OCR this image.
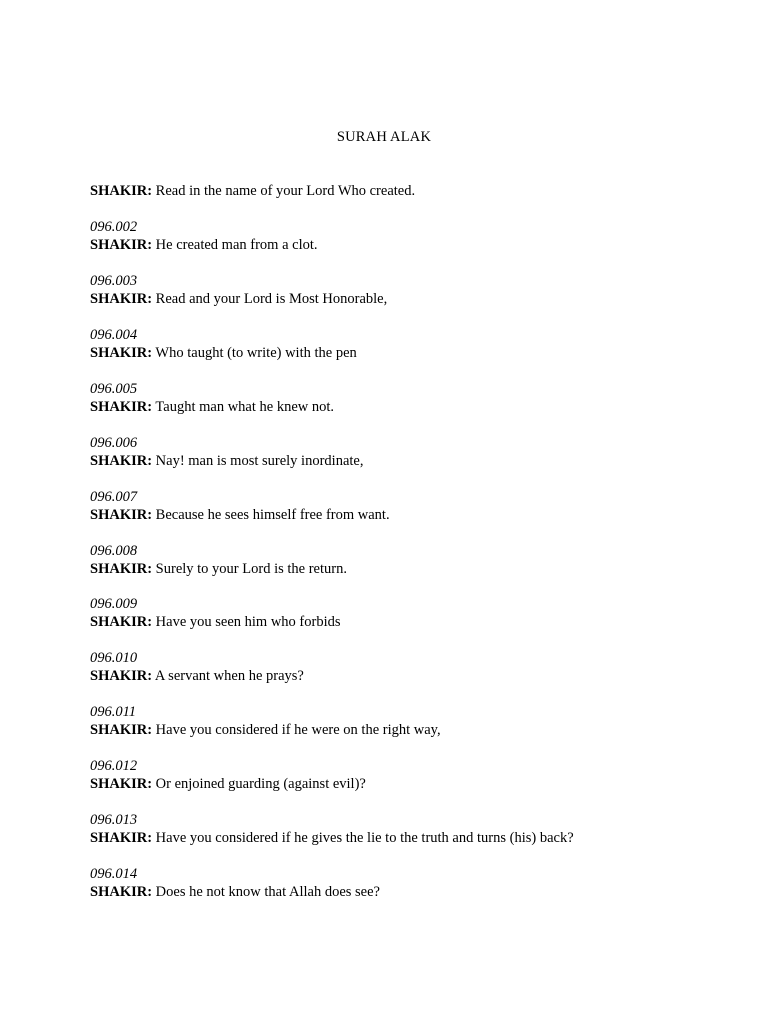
SURAH ALAK
SHAKIR: Read in the name of your Lord Who created.
096.002
SHAKIR: He created man from a clot.
096.003
SHAKIR: Read and your Lord is Most Honorable,
096.004
SHAKIR: Who taught (to write) with the pen
096.005
SHAKIR: Taught man what he knew not.
096.006
SHAKIR: Nay! man is most surely inordinate,
096.007
SHAKIR: Because he sees himself free from want.
096.008
SHAKIR: Surely to your Lord is the return.
096.009
SHAKIR: Have you seen him who forbids
096.010
SHAKIR: A servant when he prays?
096.011
SHAKIR: Have you considered if he were on the right way,
096.012
SHAKIR: Or enjoined guarding (against evil)?
096.013
SHAKIR: Have you considered if he gives the lie to the truth and turns (his) back?
096.014
SHAKIR: Does he not know that Allah does see?
